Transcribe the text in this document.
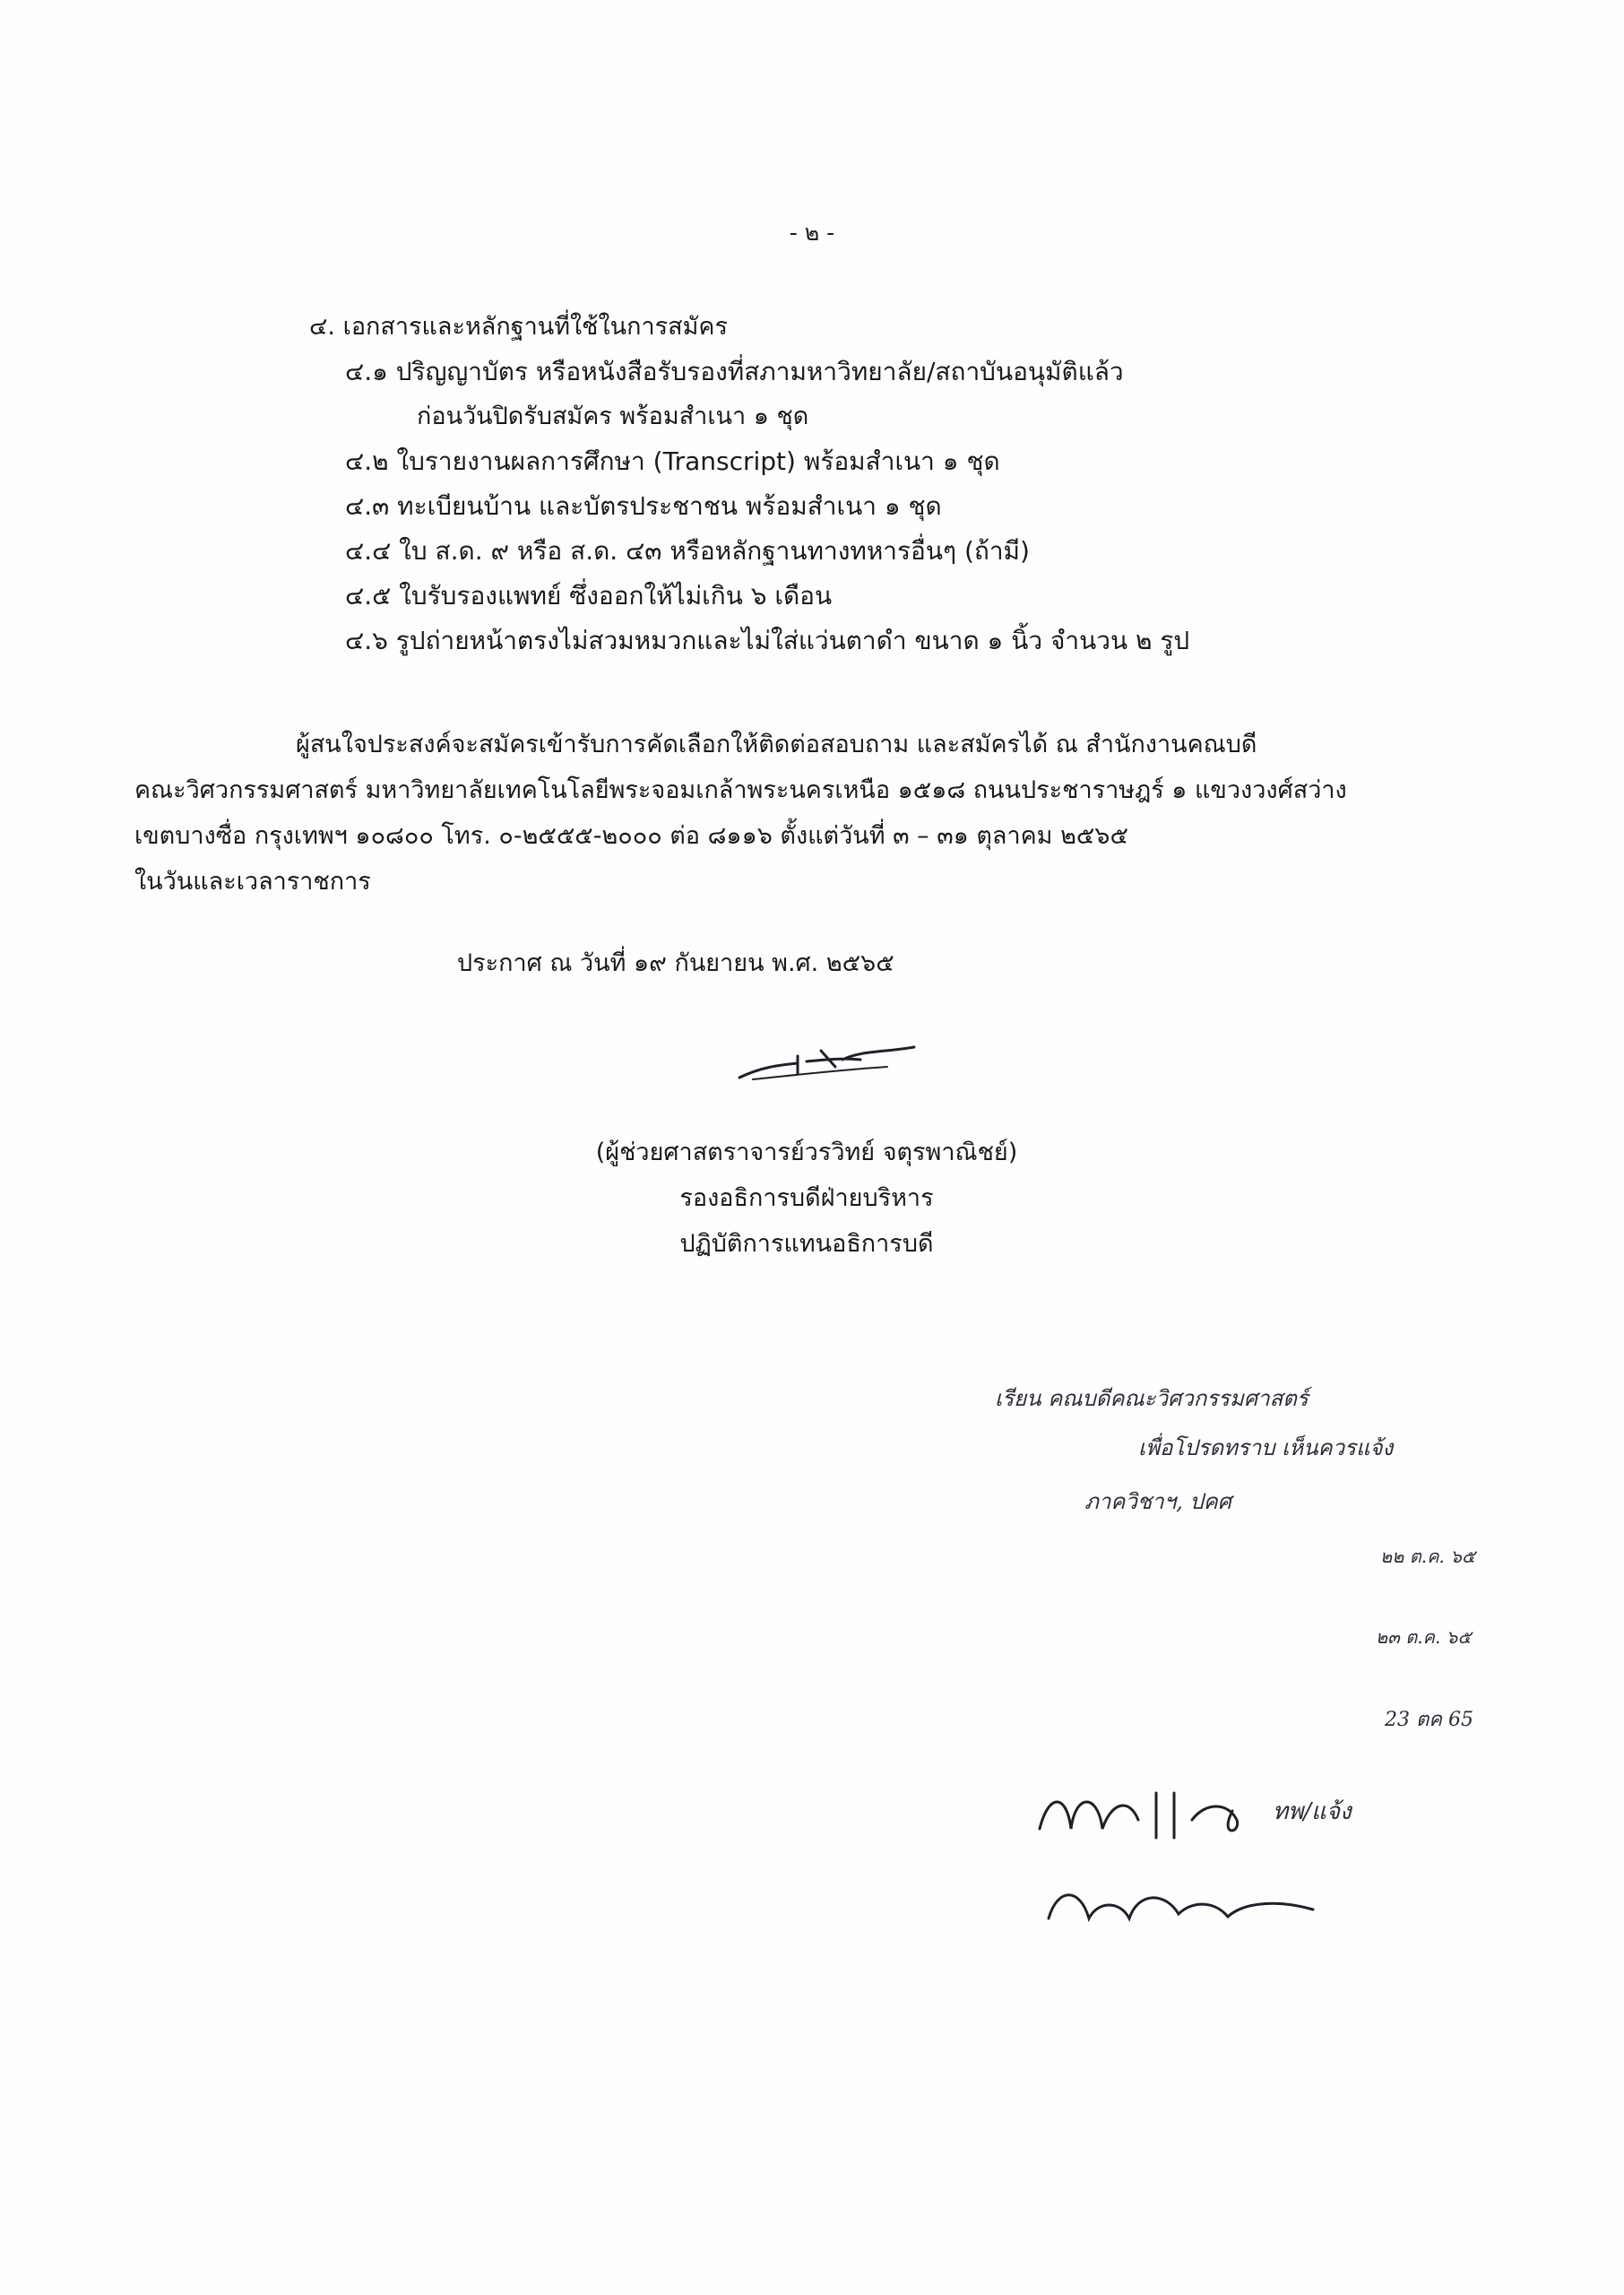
- ๒ -
๔. เอกสารและหลักฐานที่ใช้ในการสมัคร
๔.๑ ปริญญาบัตร หรือหนังสือรับรองที่สภามหาวิทยาลัย/สถาบันอนุมัติแล้ว
ก่อนวันปิดรับสมัคร พร้อมสำเนา ๑ ชุด
๔.๒ ใบรายงานผลการศึกษา (Transcript) พร้อมสำเนา ๑ ชุด
๔.๓ ทะเบียนบ้าน และบัตรประชาชน พร้อมสำเนา ๑ ชุด
๔.๔ ใบ ส.ด. ๙ หรือ ส.ด. ๔๓ หรือหลักฐานทางทหารอื่นๆ (ถ้ามี)
๔.๕ ใบรับรองแพทย์ ซึ่งออกให้ไม่เกิน ๖ เดือน
๔.๖ รูปถ่ายหน้าตรงไม่สวมหมวกและไม่ใส่แว่นตาดำ ขนาด ๑ นิ้ว จำนวน ๒ รูป
ผู้สนใจประสงค์จะสมัครเข้ารับการคัดเลือกให้ติดต่อสอบถาม และสมัครได้ ณ สำนักงานคณบดี
คณะวิศวกรรมศาสตร์ มหาวิทยาลัยเทคโนโลยีพระจอมเกล้าพระนครเหนือ ๑๕๑๘ ถนนประชาราษฎร์ ๑ แขวงวงศ์สว่าง
เขตบางซื่อ กรุงเทพฯ ๑๐๘๐๐ โทร. ๐-๒๕๕๕-๒๐๐๐ ต่อ ๘๑๑๖ ตั้งแต่วันที่ ๓ – ๓๑ ตุลาคม ๒๕๖๕
ในวันและเวลาราชการ
ประกาศ ณ วันที่ ๑๙ กันยายน พ.ศ. ๒๕๖๕
(ผู้ช่วยศาสตราจารย์วรวิทย์ จตุรพาณิชย์)
รองอธิการบดีฝ่ายบริหาร
ปฏิบัติการแทนอธิการบดี
เรียน คณบดีคณะวิศวกรรมศาสตร์
เพื่อโปรดทราบ เห็นควรแจ้ง
ภาควิชาฯ, ปคศ
๒๒ ต.ค. ๖๕
๒๓ ต.ค. ๖๕
23 ตค 65
ทพ/แจ้ง
